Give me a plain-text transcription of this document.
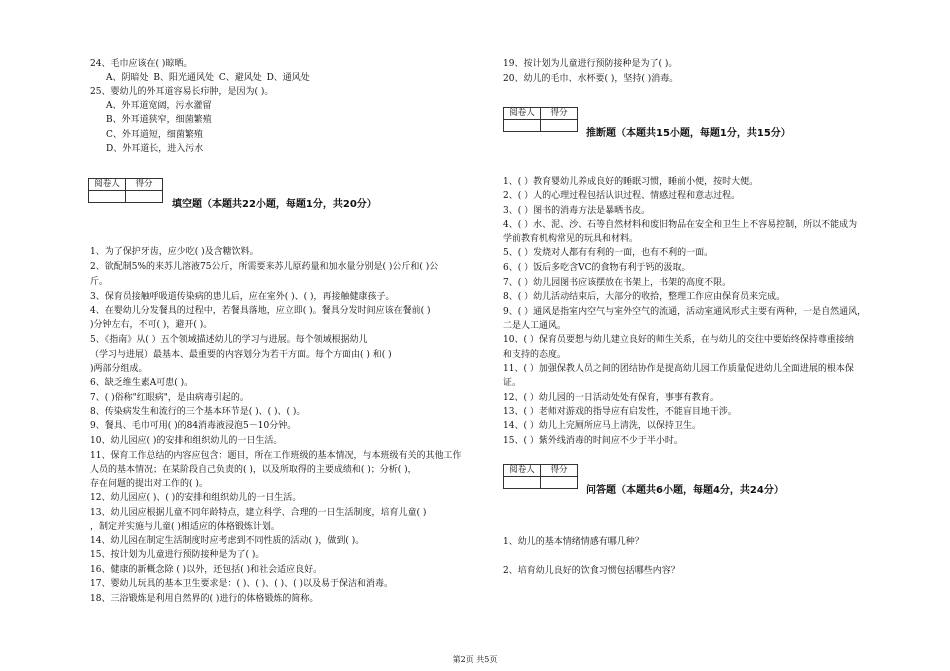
24、毛巾应该在( )晾晒。
A、阴暗处 B、阳光通风处 C、避风处 D、通风处
25、婴幼儿的外耳道容易长疖肿，是因为( )。
A、外耳道宽阔，污水灌留
B、外耳道狭窄，细菌繁殖
C、外耳道短，细菌繁殖
D、外耳道长，进入污水
阅卷人	得分

填空题（本题共22小题，每题1分，共20分）
1、为了保护牙齿，应少吃( )及含糖饮料。
2、欲配制5%的来苏儿溶液75公斤，所需要来苏儿原药量和加水量分别是( )公斤和( )公
斤。
3、保育员接触呼吸道传染病的患儿后，应在室外( )、( )，再接触健康孩子。
4、在婴幼儿分发餐具的过程中，若餐具落地，应立即( )。餐具分发时间应该在餐前( )
)分钟左右，不可( )，避开( )。
5、《指南》从( ）五个领域描述幼儿的学习与进展。每个领域根据幼儿
（学习与进展）最基本、最重要的内容划分为若干方面。每个方面由( ) 和( )
)两部分组成。
6、缺乏维生素A可患( )。
7、( )俗称"红眼病"，是由病毒引起的。
8、传染病发生和流行的三个基本环节是( )、( )、( )。
9、餐具、毛巾可用( )的84消毒液浸泡5－10分钟。
10、幼儿园应( )的安排和组织幼儿的一日生活。
11、保育工作总结的内容应包含：题目，所在工作班级的基本情况，与本班级有关的其他工作
人员的基本情况；在某阶段自己负责的( )，以及所取得的主要成绩和( )；分析( )，
存在问题的提出对工作的( )。
12、幼儿园应( )、( )的安排和组织幼儿的一日生活。
13、幼儿园应根据儿童不同年龄特点，建立科学、合理的一日生活制度，培育儿童( )
，制定并实施与儿童( )相适应的体格锻炼计划。
14、幼儿园在制定生活制度时应考虑到不同性质的活动( )，做到( )。
15、按计划为儿童进行预防接种是为了( )。
16、健康的新概念除 ( )以外，还包括( )和社会适应良好。
17、婴幼儿玩具的基本卫生要求是：( )、( )、( )、( )以及易于保洁和消毒。
18、三浴锻炼是利用自然界的( )进行的体格锻炼的简称。
19、按计划为儿童进行预防接种是为了( )。
20、幼儿的毛巾、水杯要( )，坚持( )消毒。
阅卷人	得分

推断题（本题共15小题，每题1分，共15分）
1、( ）教育婴幼儿养成良好的睡眠习惯，睡前小便，按时大便。
2、( ）人的心理过程包括认识过程、情感过程和意志过程。
3、( ）图书的消毒方法是暴晒书皮。
4、( ）水、泥、沙、石等自然材料和废旧物品在安全和卫生上不容易控制，所以不能成为
学前教育机构常见的玩具和材料。
5、( ）发烧对人都有有利的一面，也有不利的一面。
6、( ）饭后多吃含VC的食物有利于钙的汲取。
7、( ）幼儿园图书应该摆放在书架上，书架的高度不限。
8、( ）幼儿活动结束后，大部分的收拾，整理工作应由保育员来完成。
9、( ）通风是指室内空气与室外空气的流通，活动室通风形式主要有两种，一是自然通风，
二是人工通风。
10、( ）保育员要想与幼儿建立良好的师生关系，在与幼儿的交往中要始终保持尊重接纳
和支持的态度。
11、( ）加强保教人员之间的团结协作是提高幼儿园工作质量促进幼儿全面进展的根本保
证。
12、( ）幼儿园的一日活动处处有保育，事事有教育。
13、( ）老师对游戏的指导应有启发性，不能盲目地干涉。
14、( ）幼儿上完厕所应马上清洗，以保持卫生。
15、( ）紫外线消毒的时间应不少于半小时。
阅卷人	得分

问答题（本题共6小题，每题4分，共24分）
1、幼儿的基本情绪情感有哪几种？
2、培育幼儿良好的饮食习惯包括哪些内容？
第2页 共5页
